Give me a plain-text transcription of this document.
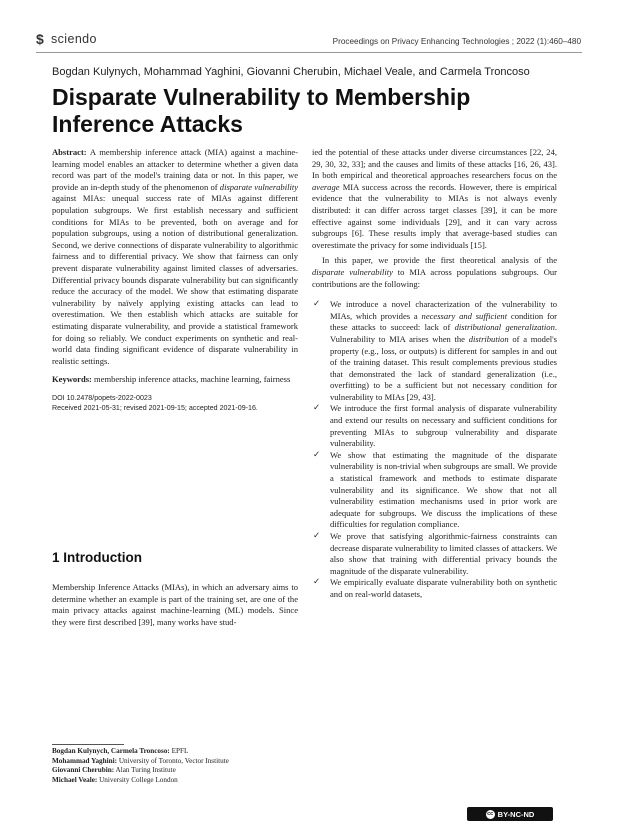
$ sciendo	Proceedings on Privacy Enhancing Technologies ; 2022 (1):460–480
Bogdan Kulynych, Mohammad Yaghini, Giovanni Cherubin, Michael Veale, and Carmela Troncoso
Disparate Vulnerability to Membership Inference Attacks

Abstract: A membership inference attack (MIA) against a machine-learning model enables an attacker to determine whether a given data record was part of the model's training data or not. In this paper, we provide an in-depth study of the phenomenon of disparate vulnerability against MIAs: unequal success rate of MIAs against different population subgroups. We first establish necessary and sufficient conditions for MIAs to be prevented, both on average and for population subgroups, using a notion of distributional generalization. Second, we derive connections of disparate vulnerability to algorithmic fairness and to differential privacy. We show that fairness can only prevent disparate vulnerability against limited classes of adversaries. Differential privacy bounds disparate vulnerability but can significantly reduce the accuracy of the model. We show that estimating disparate vulnerability by naïvely applying existing attacks can lead to overestimation. We then establish which attacks are suitable for estimating disparate vulnerability, and provide a statistical framework for doing so reliably. We conduct experiments on synthetic and real-world data finding significant evidence of disparate vulnerability in realistic settings.

Keywords: membership inference attacks, machine learning, fairness

DOI 10.2478/popets-2022-0023
Received 2021-05-31; revised 2021-09-15; accepted 2021-09-16.
1 Introduction
Membership Inference Attacks (MIAs), in which an adversary aims to determine whether an example is part of the training set, are one of the main privacy attacks against machine-learning (ML) models. Since they were first described [39], many works have stud-
Bogdan Kulynych, Carmela Troncoso: EPFL
Mohammad Yaghini: University of Toronto, Vector Institute
Giovanni Cherubin: Alan Turing Institute
Michael Veale: University College London

ied the potential of these attacks under diverse circumstances [22, 24, 29, 30, 32, 33]; and the causes and limits of these attacks [16, 26, 43]. In both empirical and theoretical approaches researchers focus on the average MIA success across the records. However, there is empirical evidence that the vulnerability to MIAs is not always evenly distributed: it can differ across target classes [39], it can be more effective against some individuals [29], and it can vary across subgroups [6]. These results imply that average-based studies can overestimate the privacy for some individuals [15].

In this paper, we provide the first theoretical analysis of the disparate vulnerability to MIA across populations subgroups. Our contributions are the following:

✓ We introduce a novel characterization of the vulnerability to MIAs, which provides a necessary and sufficient condition for these attacks to succeed: lack of distributional generalization. Vulnerability to MIA arises when the distribution of a model's property (e.g., loss, or outputs) is different for samples in and out of the training dataset. This result complements previous studies that demonstrated the lack of standard generalization (i.e., overfitting) to be a sufficient but not necessary condition for vulnerability to MIAs [29, 43].
✓ We introduce the first formal analysis of disparate vulnerability and extend our results on necessary and sufficient conditions for preventing MIAs to subgroup vulnerability and disparate vulnerability.
✓ We show that estimating the magnitude of the disparate vulnerability is non-trivial when subgroups are small. We provide a statistical framework and methods to estimate disparate vulnerability and its significance. We show that not all vulnerability estimation mechanisms used in prior work are adequate for subgroups. We discuss the implications of these difficulties for regulation compliance.
✓ We prove that satisfying algorithmic-fairness constraints can decrease disparate vulnerability to limited classes of attackers. We also show that training with differential privacy bounds the magnitude of the disparate vulnerability.
✓ We empirically evaluate disparate vulnerability both on synthetic and on real-world datasets,
cc BY-NC-ND
